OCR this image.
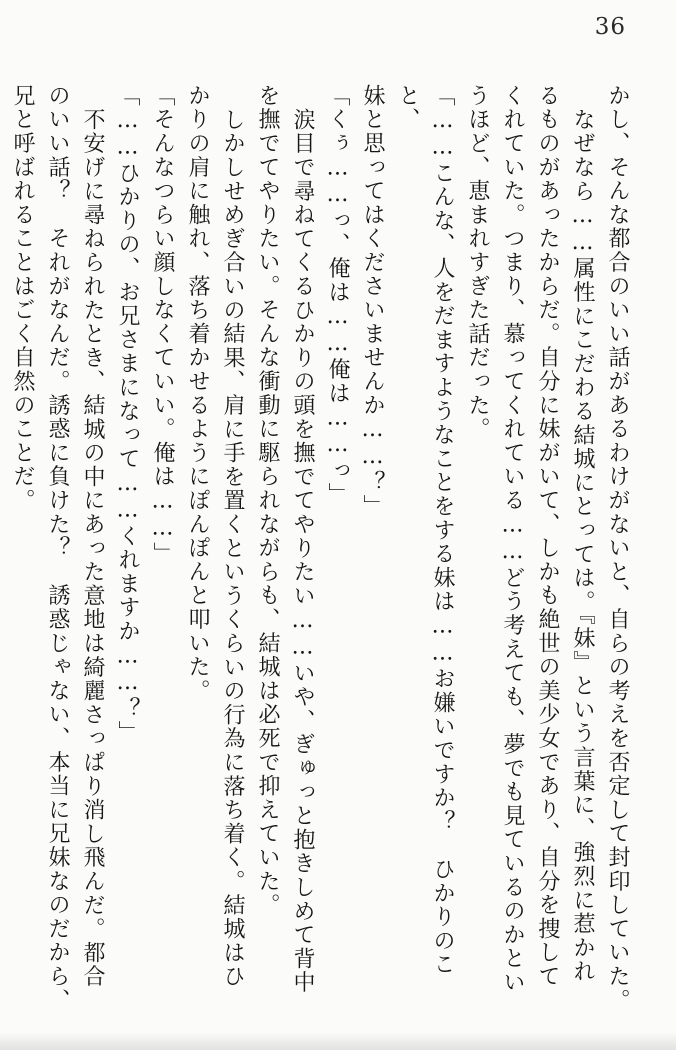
36

かし、そんな都合のいい話があるわけがないと、自らの考えを否定して封印していた。

なぜなら……属性にこだわる結城にとっては。『妹』という言葉に、強烈に惹かれ

るものがあったからだ。自分に妹がいて、しかも絶世の美少女であり、自分を捜して

くれていた。つまり、慕ってくれている……どう考えても、夢でも見ているのかとい

うほど、恵まれすぎた話だった。

「……こんな、人をだますようなことをする妹は……お嫌いですか？　ひかりのこと、

妹と思ってはくださいませんか……？」

「くぅ……っ、俺は……俺は……っ」

涙目で尋ねてくるひかりの頭を撫でてやりたい……いや、ぎゅっと抱きしめて背中

を撫でてやりたい。そんな衝動に駆られながらも、結城は必死で抑えていた。

しかしせめぎ合いの結果、肩に手を置くというくらいの行為に落ち着く。結城はひ

かりの肩に触れ、落ち着かせるようにぽんぽんと叩いた。

「そんなつらい顔しなくていい。俺は……」

「……ひかりの、お兄さまになって……くれますか……？」

不安げに尋ねられたとき、結城の中にあった意地は綺麗さっぱり消し飛んだ。都合

のいい話？　それがなんだ。誘惑に負けた？　誘惑じゃない、本当に兄妹なのだから、

兄と呼ばれることはごく自然のことだ。
